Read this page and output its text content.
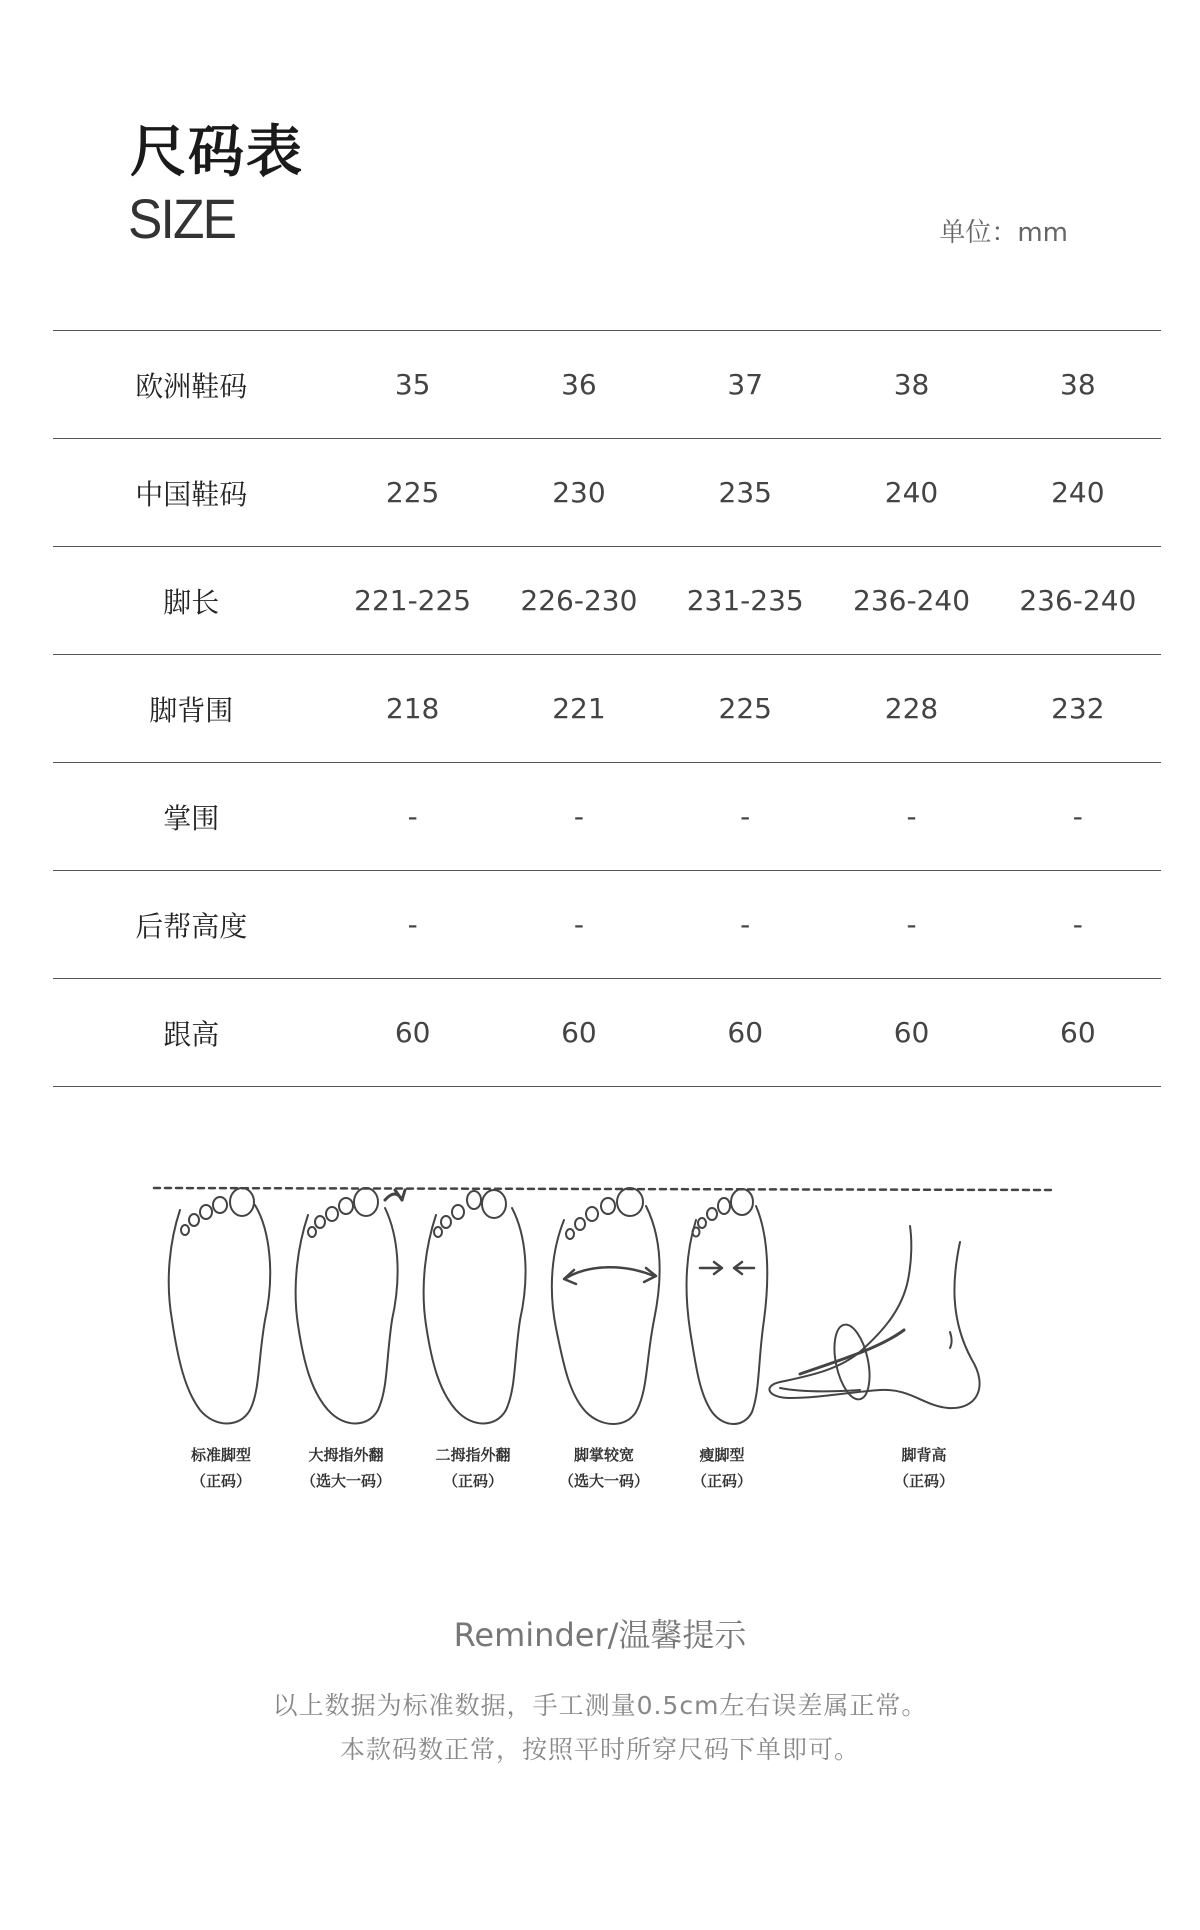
尺码表
SIZE	单位：mm
欧洲鞋码	35	36	37	38	38
中国鞋码	225	230	235	240	240
脚长	221-225	226-230	231-235	236-240	236-240
脚背围	218	221	225	228	232
掌围	-	-	-	-	-
后帮高度	-	-	-	-	-
跟高	60	60	60	60	60
标准脚型
（正码）
大拇指外翻
（选大一码）
二拇指外翻
（正码）
脚掌较宽
（选大一码）
瘦脚型
（正码）
脚背高
（正码）
Reminder/温馨提示
以上数据为标准数据，手工测量0.5cm左右误差属正常。
本款码数正常，按照平时所穿尺码下单即可。
